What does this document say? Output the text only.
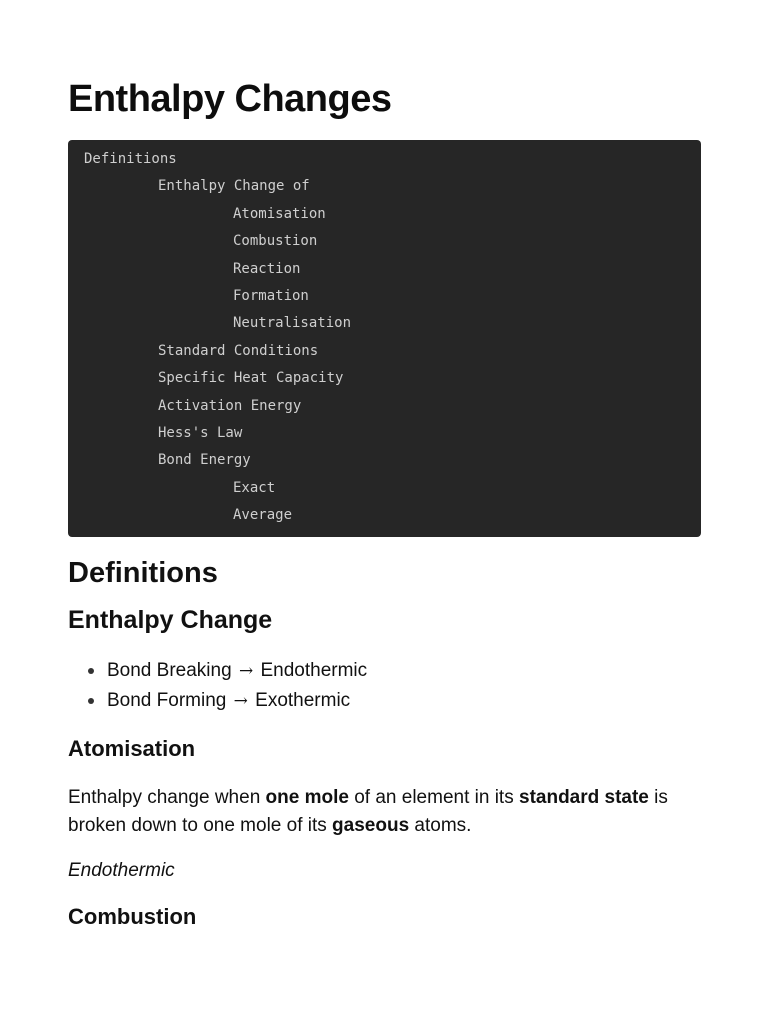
Enthalpy Changes
Definitions
Enthalpy Change of
Atomisation
Combustion
Reaction
Formation
Neutralisation
Standard Conditions
Specific Heat Capacity
Activation Energy
Hess's Law
Bond Energy
Exact
Average
Definitions
Enthalpy Change
Bond Breaking → Endothermic
Bond Forming → Exothermic
Atomisation

Enthalpy change when one mole of an element in its standard state is broken down to one mole of its gaseous atoms.

Endothermic

Combustion
